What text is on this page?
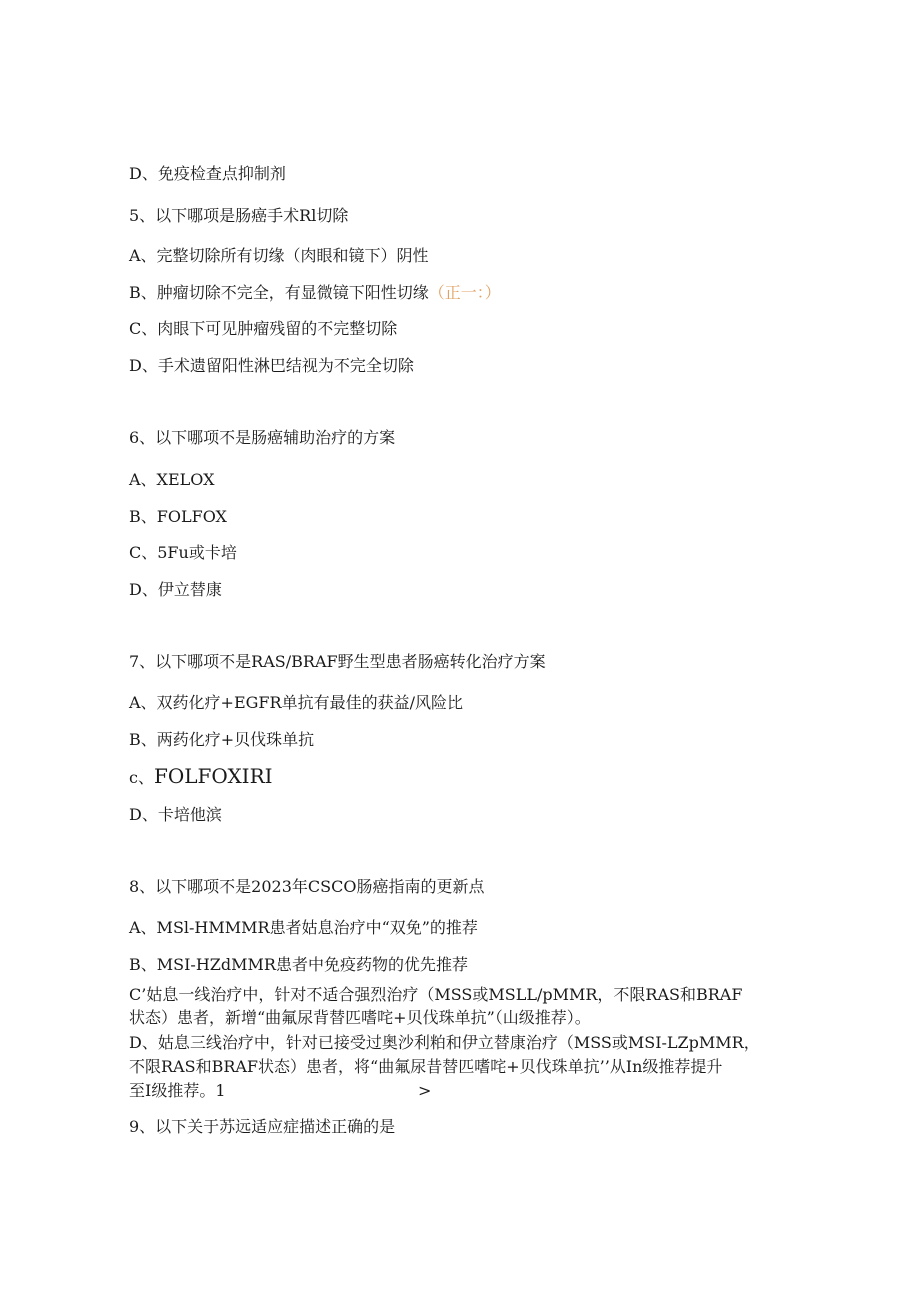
D、免疫检查点抑制剂
5、以下哪项是肠癌手术Rl切除
A、完整切除所有切缘（肉眼和镜下）阴性
B、肿瘤切除不完全，有显微镜下阳性切缘（正一：）
C、肉眼下可见肿瘤残留的不完整切除
D、手术遗留阳性淋巴结视为不完全切除
6、以下哪项不是肠癌辅助治疗的方案
A、XELOX
B、FOLFOX
C、5Fu或卡培
D、伊立替康
7、以下哪项不是RAS/BRAF野生型患者肠癌转化治疗方案
A、双药化疗+EGFR单抗有最佳的获益/风险比
B、两药化疗+贝伐珠单抗
c、FOLFOXIRI
D、卡培他滨
8、以下哪项不是2023年CSCO肠癌指南的更新点
A、MSl-HMMMR患者姑息治疗中“双免”的推荐
B、MSI-HZdMMR患者中免疫药物的优先推荐
C’姑息一线治疗中，针对不适合强烈治疗（MSS或MSLL/pMMR，不限RAS和BRAF
状态）患者，新增“曲氟尿背替匹嗜咤+贝伐珠单抗”（山级推荐）。
D、姑息三线治疗中，针对已接受过奥沙利粕和伊立替康治疗（MSS或MSI-LZpMMR，
不限RAS和BRAF状态）患者，将“曲氟尿昔替匹嗜咤+贝伐珠单抗’’从In级推荐提升
至I级推荐。1	>
9、以下关于苏远适应症描述正确的是
